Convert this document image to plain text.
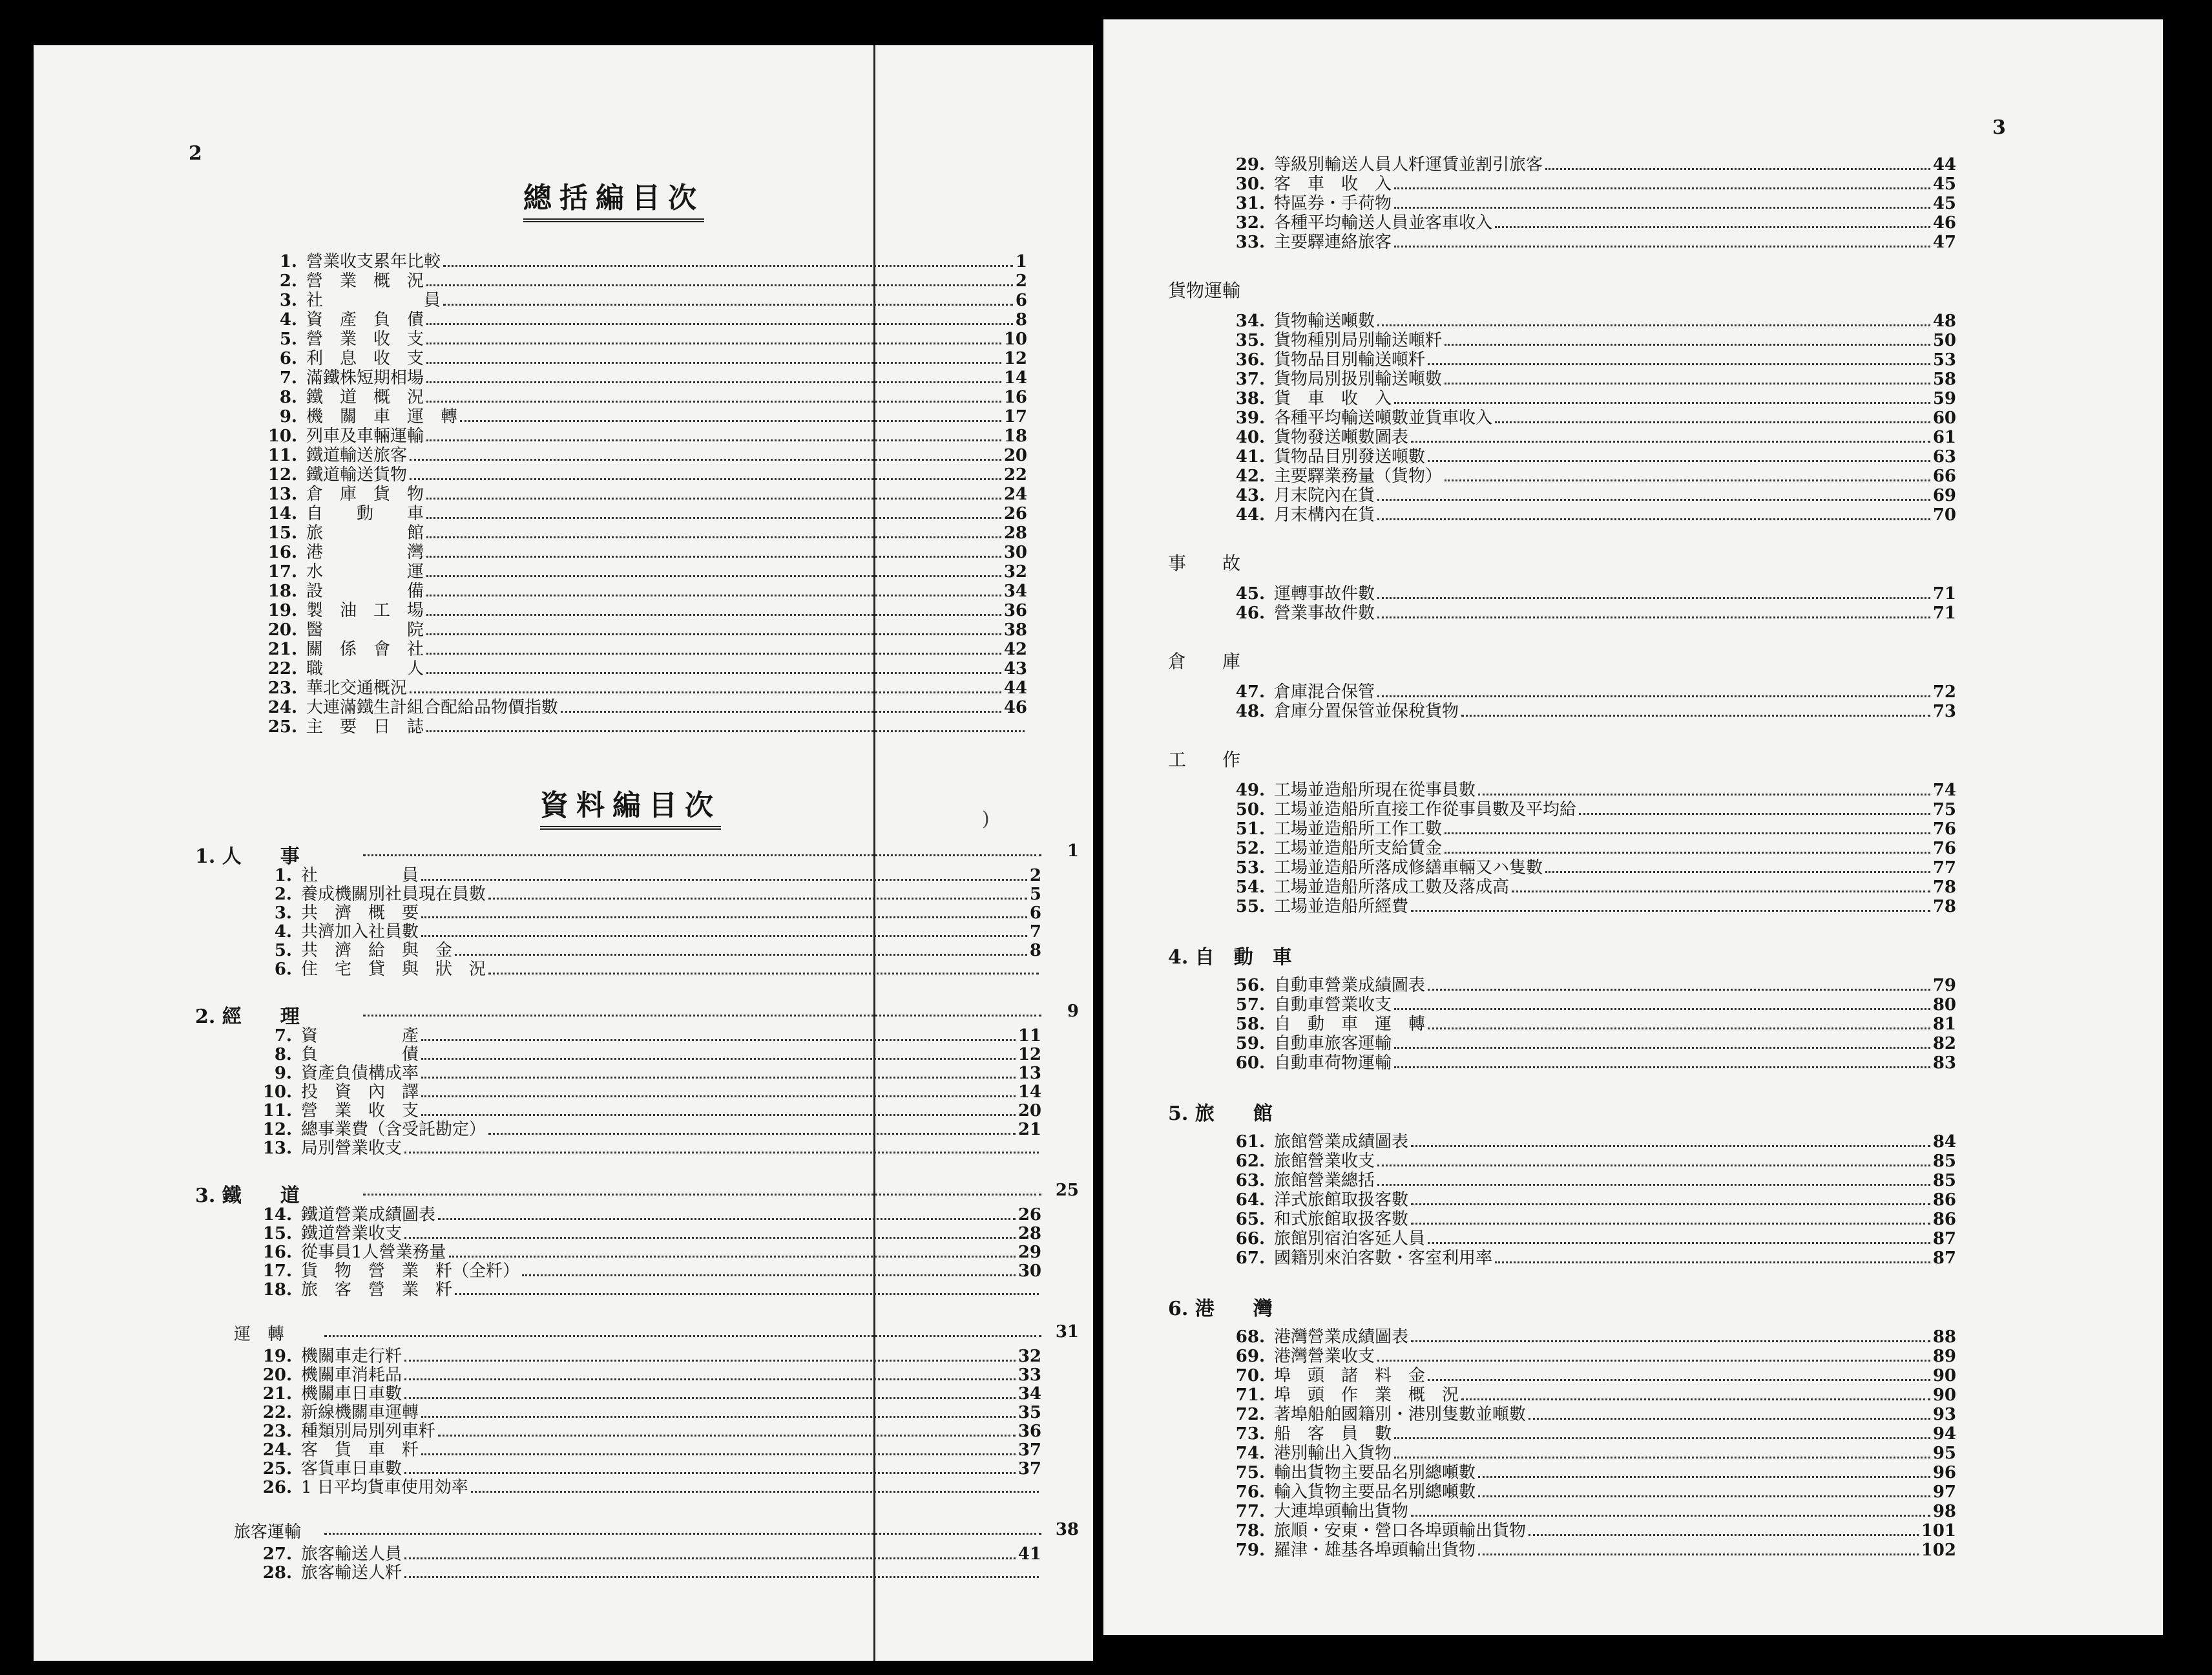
2
總括編目次
1. 營業收支累年比較	1
2. 營　業　概　況	2
3. 社　　　　　　員	6
4. 資　產　負　債	8
5. 營　業　收　支	10
6. 利　息　收　支	12
7. 滿鐵株短期相場	14
8. 鐵　道　概　況	16
9. 機　關　車　運　轉	17
10. 列車及車輛運輸	18
11. 鐵道輸送旅客	20
12. 鐵道輸送貨物	22
13. 倉　庫　貨　物	24
14. 自　　動　　車	26
15. 旅　　　　　館	28
16. 港　　　　　灣	30
17. 水　　　　　運	32
18. 設　　　　　備	34
19. 製　油　工　場	36
20. 醫　　　　　院	38
21. 關　係　會　社	42
22. 職　　　　　人	43
23. 華北交通概況	44
24. 大連滿鐵生計組合配給品物價指數	46
25. 主　要　日　誌
資料編目次
1. 人　　事	1
1. 社　　　　　員	2
2. 養成機關別社員現在員數	5
3. 共　濟　概　要	6
4. 共濟加入社員數	7
5. 共　濟　給　與　金	8
6. 住　宅　貸　與　狀　況
2. 經　　理	9
7. 資　　　　　產	11
8. 負　　　　　債	12
9. 資產負債構成率	13
10. 投　資　內　譯	14
11. 營　業　收　支	20
12. 總事業費（含受託勘定）	21
13. 局別營業收支
3. 鐵　　道	25
14. 鐵道營業成績圖表	26
15. 鐵道營業收支	28
16. 從事員1人營業務量	29
17. 貨　物　營　業　粁（全粁）	30
18. 旅　客　營　業　粁
運　轉	31
19. 機關車走行粁	32
20. 機關車消耗品	33
21. 機關車日車數	34
22. 新線機關車運轉	35
23. 種類別局別列車粁	36
24. 客　貨　車　粁	37
25. 客貨車日車數	37
26. 1 日平均貨車使用効率
旅客運輸	38
27. 旅客輸送人員	41
28. 旅客輸送人粁
)
3
29. 等級別輸送人員人粁運賃並割引旅客	44
30. 客　車　收　入	45
31. 特區券・手荷物	45
32. 各種平均輸送人員並客車收入	46
33. 主要驛連絡旅客	47
貨物運輸
34. 貨物輸送噸數	48
35. 貨物種別局別輸送噸粁	50
36. 貨物品目別輸送噸粁	53
37. 貨物局別扱別輸送噸數	58
38. 貨　車　收　入	59
39. 各種平均輸送噸數並貨車收入	60
40. 貨物發送噸數圖表	61
41. 貨物品目別發送噸數	63
42. 主要驛業務量（貨物）	66
43. 月末院內在貨	69
44. 月末構內在貨	70
事　　故
45. 運轉事故件數	71
46. 營業事故件數	71
倉　　庫
47. 倉庫混合保管	72
48. 倉庫分置保管並保稅貨物	73
工　　作
49. 工場並造船所現在從事員數	74
50. 工場並造船所直接工作從事員數及平均給	75
51. 工場並造船所工作工數	76
52. 工場並造船所支給賃金	76
53. 工場並造船所落成修繕車輛又ハ隻數	77
54. 工場並造船所落成工數及落成高	78
55. 工場並造船所經費	78
4. 自　動　車
56. 自動車營業成績圖表	79
57. 自動車營業收支	80
58. 自　動　車　運　轉	81
59. 自動車旅客運輸	82
60. 自動車荷物運輸	83
5. 旅　　館
61. 旅館營業成績圖表	84
62. 旅館營業收支	85
63. 旅館營業總括	85
64. 洋式旅館取扱客數	86
65. 和式旅館取扱客數	86
66. 旅館別宿泊客延人員	87
67. 國籍別來泊客數・客室利用率	87
6. 港　　灣
68. 港灣營業成績圖表	88
69. 港灣營業收支	89
70. 埠　頭　諸　料　金	90
71. 埠　頭　作　業　概　況	90
72. 著埠船舶國籍別・港別隻數並噸數	93
73. 船　客　員　數	94
74. 港別輸出入貨物	95
75. 輸出貨物主要品名別總噸數	96
76. 輸入貨物主要品名別總噸數	97
77. 大連埠頭輸出貨物	98
78. 旅順・安東・營口各埠頭輸出貨物	101
79. 羅津・雄基各埠頭輸出貨物	102
